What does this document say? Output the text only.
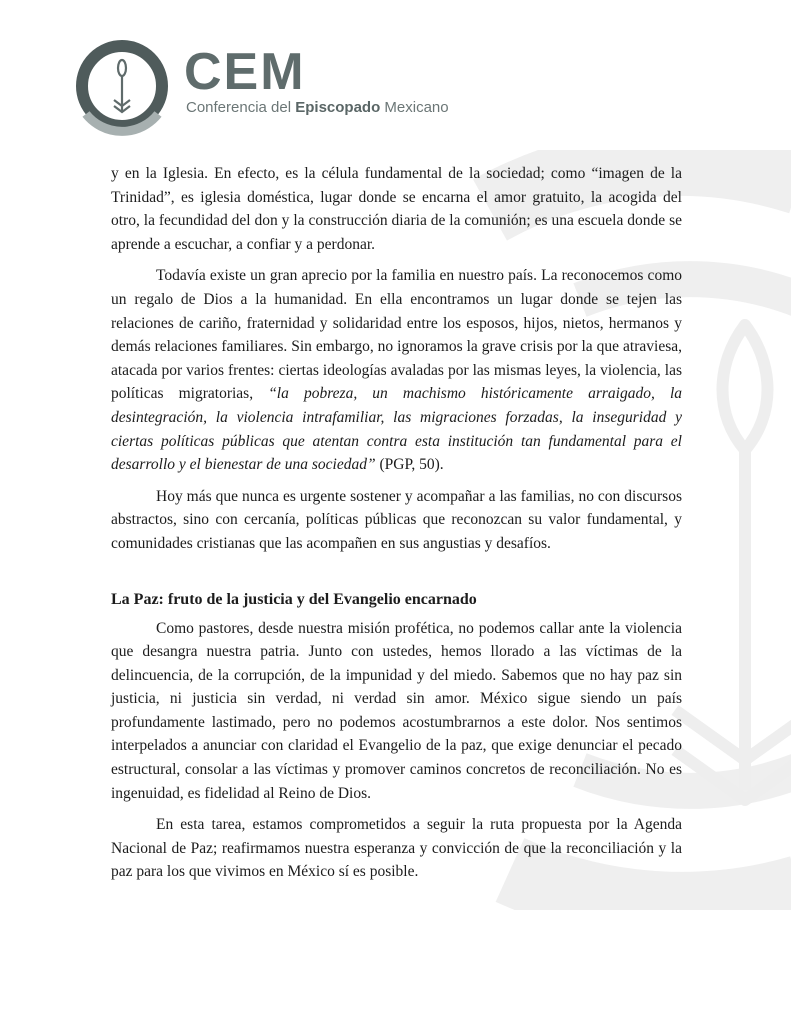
CEM
Conferencia del Episcopado Mexicano

y en la Iglesia. En efecto, es la célula fundamental de la sociedad; como “imagen de la Trinidad”, es iglesia doméstica, lugar donde se encarna el amor gratuito, la acogida del otro, la fecundidad del don y la construcción diaria de la comunión; es una escuela donde se aprende a escuchar, a confiar y a perdonar.

Todavía existe un gran aprecio por la familia en nuestro país. La reconocemos como un regalo de Dios a la humanidad. En ella encontramos un lugar donde se tejen las relaciones de cariño, fraternidad y solidaridad entre los esposos, hijos, nietos, hermanos y demás relaciones familiares. Sin embargo, no ignoramos la grave crisis por la que atraviesa, atacada por varios frentes: ciertas ideologías avaladas por las mismas leyes, la violencia, las políticas migratorias, “la pobreza, un machismo históricamente arraigado, la desintegración, la violencia intrafamiliar, las migraciones forzadas, la inseguridad y ciertas políticas públicas que atentan contra esta institución tan fundamental para el desarrollo y el bienestar de una sociedad” (PGP, 50).

Hoy más que nunca es urgente sostener y acompañar a las familias, no con discursos abstractos, sino con cercanía, políticas públicas que reconozcan su valor fundamental, y comunidades cristianas que las acompañen en sus angustias y desafíos.

La Paz: fruto de la justicia y del Evangelio encarnado

Como pastores, desde nuestra misión profética, no podemos callar ante la violencia que desangra nuestra patria. Junto con ustedes, hemos llorado a las víctimas de la delincuencia, de la corrupción, de la impunidad y del miedo. Sabemos que no hay paz sin justicia, ni justicia sin verdad, ni verdad sin amor. México sigue siendo un país profundamente lastimado, pero no podemos acostumbrarnos a este dolor. Nos sentimos interpelados a anunciar con claridad el Evangelio de la paz, que exige denunciar el pecado estructural, consolar a las víctimas y promover caminos concretos de reconciliación. No es ingenuidad, es fidelidad al Reino de Dios.

En esta tarea, estamos comprometidos a seguir la ruta propuesta por la Agenda Nacional de Paz; reafirmamos nuestra esperanza y convicción de que la reconciliación y la paz para los que vivimos en México sí es posible.
